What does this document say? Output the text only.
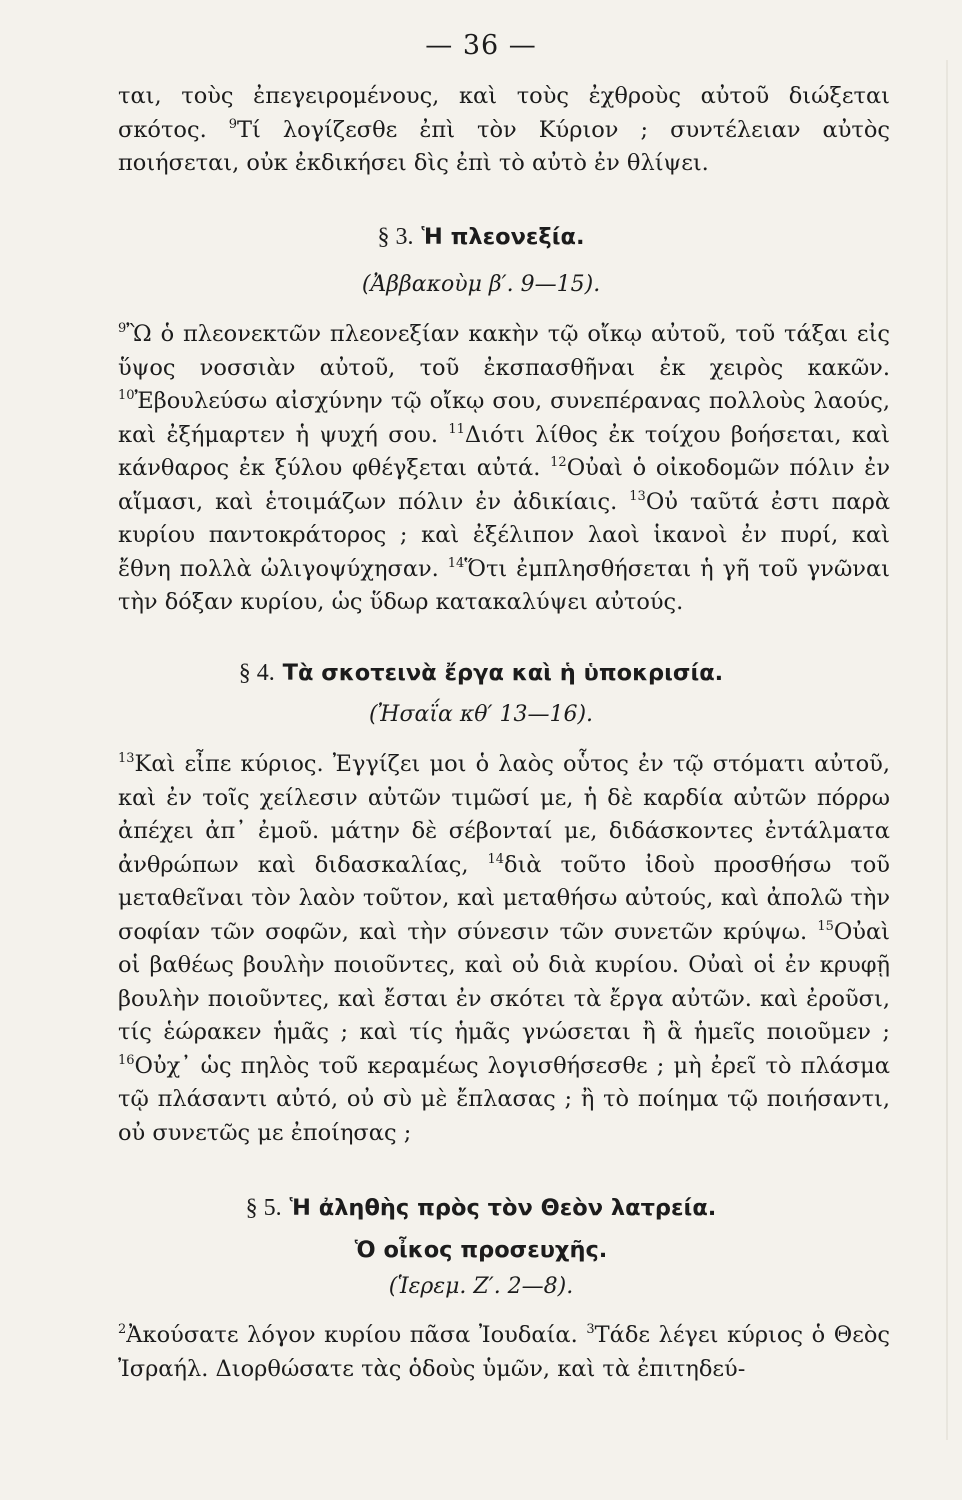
— 36 —

ται, τοὺς ἐπεγειρομένους, καὶ τοὺς ἐχθροὺς αὐτοῦ διώξεται σκότος. $^9$Τί λογίζεσθε ἐπὶ τὸν Κύριον ; συντέλειαν αὐτὸς ποιήσεται, οὐκ ἐκδικήσει δὶς ἐπὶ τὸ αὐτὸ ἐν θλίψει.

§ 3. Ἡ πλεονεξία.
(Ἀββακοὺμ β′. 9—15).

$^9$Ὢ ὁ πλεονεκτῶν πλεονεξίαν κακὴν τῷ οἴκῳ αὐτοῦ, τοῦ τάξαι εἰς ὕψος νοσσιὰν αὐτοῦ, τοῦ ἐκσπασθῆναι ἐκ χειρὸς κακῶν. $^{10}$Ἐβουλεύσω αἰσχύνην τῷ οἴκῳ σου, συνεπέρανας πολλοὺς λαούς, καὶ ἐξήμαρτεν ἡ ψυχή σου. $^{11}$Διότι λίθος ἐκ τοίχου βοήσεται, καὶ κάνθαρος ἐκ ξύλου φθέγξεται αὐτά. $^{12}$Οὐαὶ ὁ οἰκοδομῶν πόλιν ἐν αἵμασι, καὶ ἑτοιμάζων πόλιν ἐν ἀδικίαις. $^{13}$Οὐ ταῦτά ἐστι παρὰ κυρίου παντοκράτορος ; καὶ ἐξέλιπον λαοὶ ἱκανοὶ ἐν πυρί, καὶ ἔθνη πολλὰ ὠλιγοψύχησαν. $^{14}$Ὅτι ἐμπλησθήσεται ἡ γῆ τοῦ γνῶναι τὴν δόξαν κυρίου, ὡς ὕδωρ κατακαλύψει αὐτούς.

§ 4. Τὰ σκοτεινὰ ἔργα καὶ ἡ ὑποκρισία.
(Ἠσαΐα κθ′ 13—16).

$^{13}$Καὶ εἶπε κύριος. Ἐγγίζει μοι ὁ λαὸς οὗτος ἐν τῷ στόματι αὐτοῦ, καὶ ἐν τοῖς χείλεσιν αὐτῶν τιμῶσί με, ἡ δὲ καρδία αὐτῶν πόρρω ἀπέχει ἀπ᾿ ἐμοῦ. μάτην δὲ σέβονταί με, διδάσκοντες ἐντάλματα ἀνθρώπων καὶ διδασκαλίας, $^{14}$διὰ τοῦτο ἰδοὺ προσθήσω τοῦ μεταθεῖναι τὸν λαὸν τοῦτον, καὶ μεταθήσω αὐτούς, καὶ ἀπολῶ τὴν σοφίαν τῶν σοφῶν, καὶ τὴν σύνεσιν τῶν συνετῶν κρύψω. $^{15}$Οὐαὶ οἱ βαθέως βουλὴν ποιοῦντες, καὶ οὐ διὰ κυρίου. Οὐαὶ οἱ ἐν κρυφῇ βουλὴν ποιοῦντες, καὶ ἔσται ἐν σκότει τὰ ἔργα αὐτῶν. καὶ ἐροῦσι, τίς ἑώρακεν ἡμᾶς ; καὶ τίς ἡμᾶς γνώσεται ἢ ἃ ἡμεῖς ποιοῦμεν ; $^{16}$Οὐχ᾿ ὡς πηλὸς τοῦ κεραμέως λογισθήσεσθε ; μὴ ἐρεῖ τὸ πλάσμα τῷ πλάσαντι αὐτό, οὐ σὺ μὲ ἔπλασας ; ἢ τὸ ποίημα τῷ ποιήσαντι, οὐ συνετῶς με ἐποίησας ;

§ 5. Ἡ ἀληθὴς πρὸς τὸν Θεὸν λατρεία.
Ὁ οἶκος προσευχῆς.
(Ἱερεμ. Ζ′. 2—8).

$^2$Ἀκούσατε λόγον κυρίου πᾶσα Ἰουδαία. $^3$Τάδε λέγει κύριος ὁ Θεὸς Ἰσραήλ. Διορθώσατε τὰς ὁδοὺς ὑμῶν, καὶ τὰ ἐπιτηδεύ-
